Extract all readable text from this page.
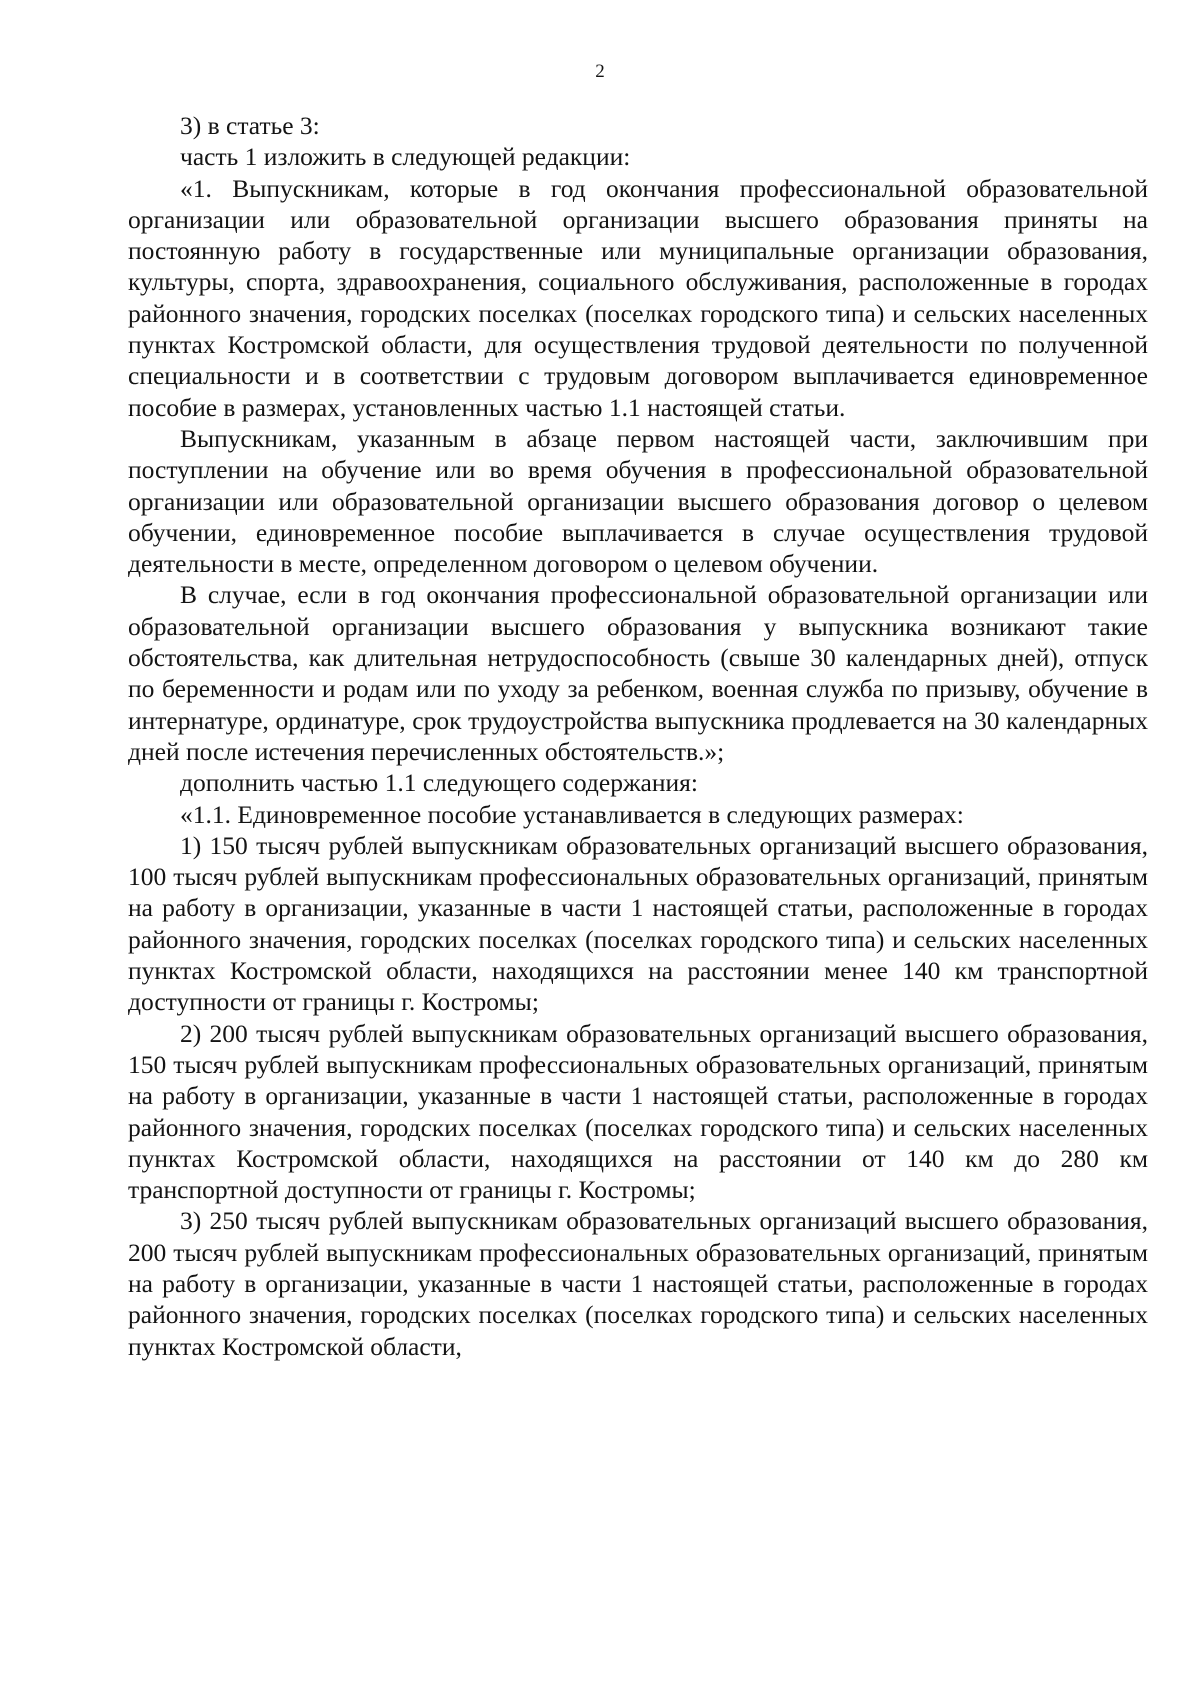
2

3) в статье 3:

часть 1 изложить в следующей редакции:

«1. Выпускникам, которые в год окончания профессиональной образовательной организации или образовательной организации высшего образования приняты на постоянную работу в государственные или муниципальные организации образования, культуры, спорта, здравоохранения, социального обслуживания, расположенные в городах районного значения, городских поселках (поселках городского типа) и сельских населенных пунктах Костромской области, для осуществления трудовой деятельности по полученной специальности и в соответствии с трудовым договором выплачивается единовременное пособие в размерах, установленных частью 1.1 настоящей статьи.

Выпускникам, указанным в абзаце первом настоящей части, заключившим при поступлении на обучение или во время обучения в профессиональной образовательной организации или образовательной организации высшего образования договор о целевом обучении, единовременное пособие выплачивается в случае осуществления трудовой деятельности в месте, определенном договором о целевом обучении.

В случае, если в год окончания профессиональной образовательной организации или образовательной организации высшего образования у выпускника возникают такие обстоятельства, как длительная нетрудоспособность (свыше 30 календарных дней), отпуск по беременности и родам или по уходу за ребенком, военная служба по призыву, обучение в интернатуре, ординатуре, срок трудоустройства выпускника продлевается на 30 календарных дней после истечения перечисленных обстоятельств.»;

дополнить частью 1.1 следующего содержания:

«1.1. Единовременное пособие устанавливается в следующих размерах:

1) 150 тысяч рублей выпускникам образовательных организаций высшего образования, 100 тысяч рублей выпускникам профессиональных образовательных организаций, принятым на работу в организации, указанные в части 1 настоящей статьи, расположенные в городах районного значения, городских поселках (поселках городского типа) и сельских населенных пунктах Костромской области, находящихся на расстоянии менее 140 км транспортной доступности от границы г. Костромы;

2) 200 тысяч рублей выпускникам образовательных организаций высшего образования, 150 тысяч рублей выпускникам профессиональных образовательных организаций, принятым на работу в организации, указанные в части 1 настоящей статьи, расположенные в городах районного значения, городских поселках (поселках городского типа) и сельских населенных пунктах Костромской области, находящихся на расстоянии от 140 км до 280 км транспортной доступности от границы г. Костромы;

3) 250 тысяч рублей выпускникам образовательных организаций высшего образования, 200 тысяч рублей выпускникам профессиональных образовательных организаций, принятым на работу в организации, указанные в части 1 настоящей статьи, расположенные в городах районного значения, городских поселках (поселках городского типа) и сельских населенных пунктах Костромской области,
